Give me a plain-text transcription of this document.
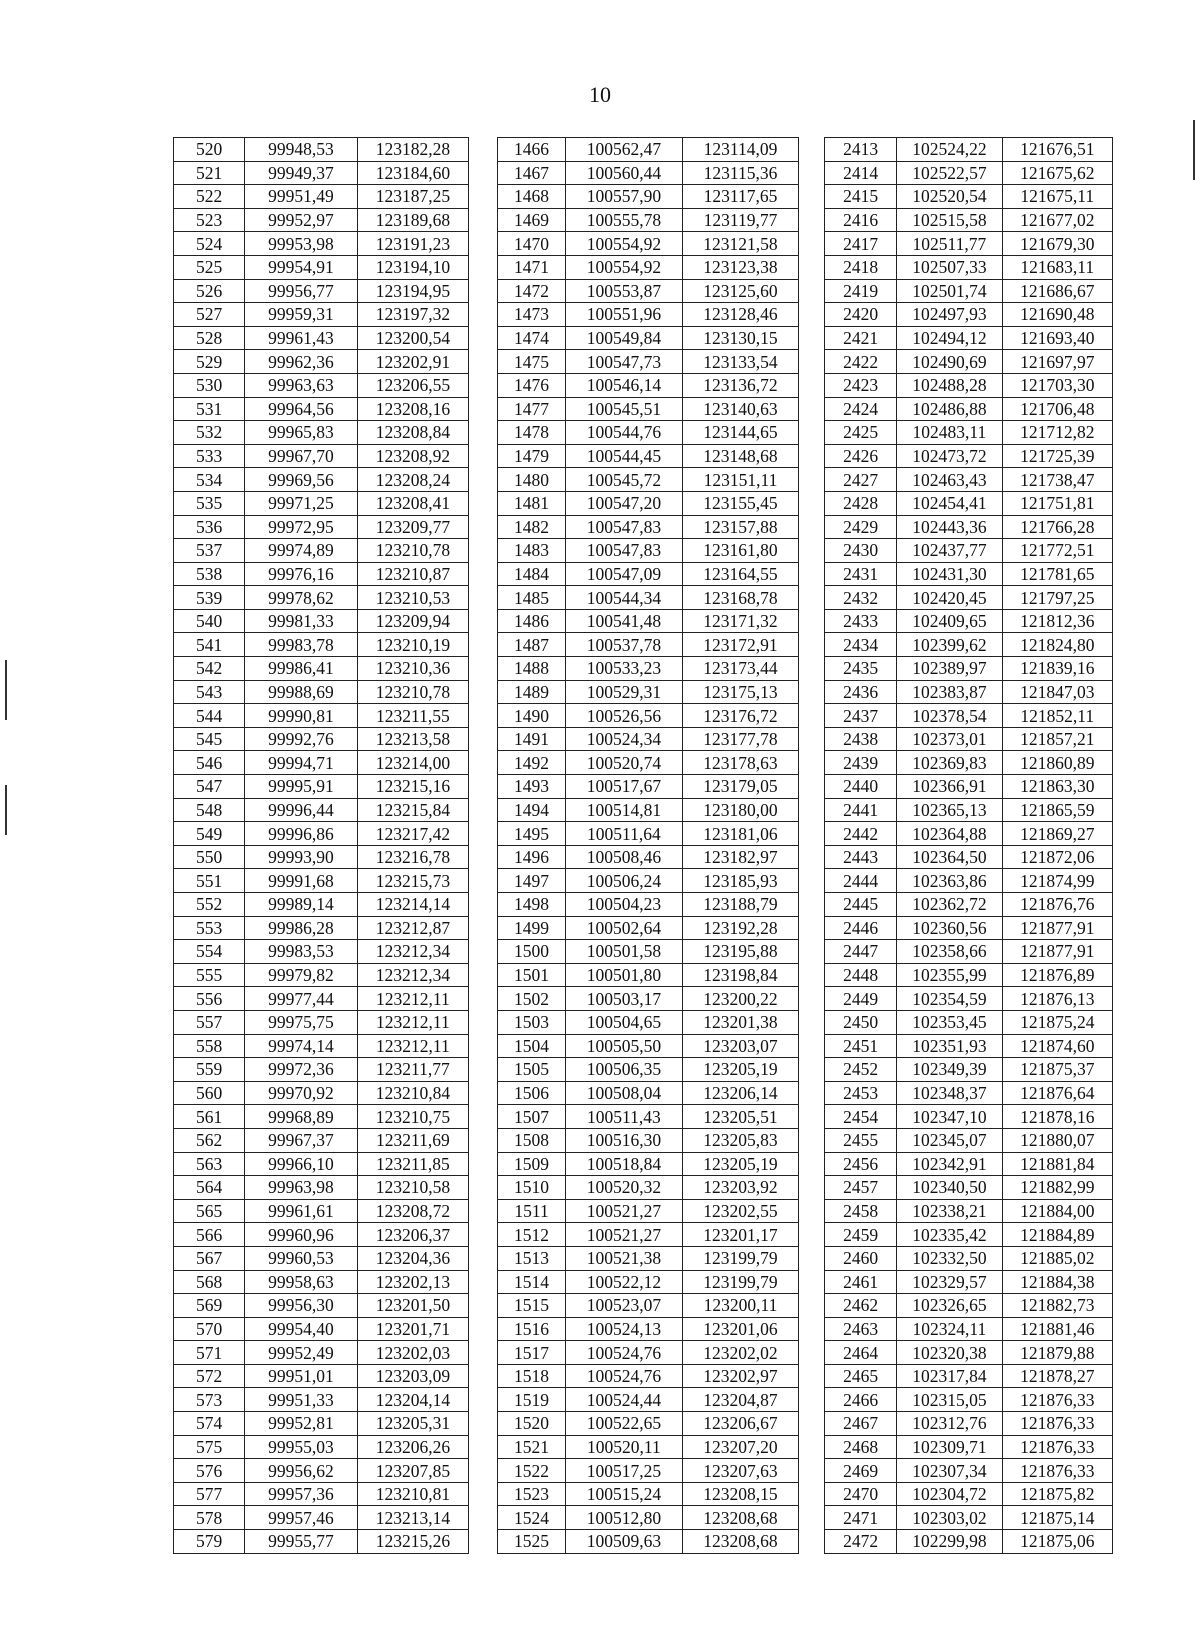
10
520	99948,53	123182,28		1466	100562,47	123114,09		2413	102524,22	121676,51
521	99949,37	123184,60		1467	100560,44	123115,36		2414	102522,57	121675,62
522	99951,49	123187,25		1468	100557,90	123117,65		2415	102520,54	121675,11
523	99952,97	123189,68		1469	100555,78	123119,77		2416	102515,58	121677,02
524	99953,98	123191,23		1470	100554,92	123121,58		2417	102511,77	121679,30
525	99954,91	123194,10		1471	100554,92	123123,38		2418	102507,33	121683,11
526	99956,77	123194,95		1472	100553,87	123125,60		2419	102501,74	121686,67
527	99959,31	123197,32		1473	100551,96	123128,46		2420	102497,93	121690,48
528	99961,43	123200,54		1474	100549,84	123130,15		2421	102494,12	121693,40
529	99962,36	123202,91		1475	100547,73	123133,54		2422	102490,69	121697,97
530	99963,63	123206,55		1476	100546,14	123136,72		2423	102488,28	121703,30
531	99964,56	123208,16		1477	100545,51	123140,63		2424	102486,88	121706,48
532	99965,83	123208,84		1478	100544,76	123144,65		2425	102483,11	121712,82
533	99967,70	123208,92		1479	100544,45	123148,68		2426	102473,72	121725,39
534	99969,56	123208,24		1480	100545,72	123151,11		2427	102463,43	121738,47
535	99971,25	123208,41		1481	100547,20	123155,45		2428	102454,41	121751,81
536	99972,95	123209,77		1482	100547,83	123157,88		2429	102443,36	121766,28
537	99974,89	123210,78		1483	100547,83	123161,80		2430	102437,77	121772,51
538	99976,16	123210,87		1484	100547,09	123164,55		2431	102431,30	121781,65
539	99978,62	123210,53		1485	100544,34	123168,78		2432	102420,45	121797,25
540	99981,33	123209,94		1486	100541,48	123171,32		2433	102409,65	121812,36
541	99983,78	123210,19		1487	100537,78	123172,91		2434	102399,62	121824,80
542	99986,41	123210,36		1488	100533,23	123173,44		2435	102389,97	121839,16
543	99988,69	123210,78		1489	100529,31	123175,13		2436	102383,87	121847,03
544	99990,81	123211,55		1490	100526,56	123176,72		2437	102378,54	121852,11
545	99992,76	123213,58		1491	100524,34	123177,78		2438	102373,01	121857,21
546	99994,71	123214,00		1492	100520,74	123178,63		2439	102369,83	121860,89
547	99995,91	123215,16		1493	100517,67	123179,05		2440	102366,91	121863,30
548	99996,44	123215,84		1494	100514,81	123180,00		2441	102365,13	121865,59
549	99996,86	123217,42		1495	100511,64	123181,06		2442	102364,88	121869,27
550	99993,90	123216,78		1496	100508,46	123182,97		2443	102364,50	121872,06
551	99991,68	123215,73		1497	100506,24	123185,93		2444	102363,86	121874,99
552	99989,14	123214,14		1498	100504,23	123188,79		2445	102362,72	121876,76
553	99986,28	123212,87		1499	100502,64	123192,28		2446	102360,56	121877,91
554	99983,53	123212,34		1500	100501,58	123195,88		2447	102358,66	121877,91
555	99979,82	123212,34		1501	100501,80	123198,84		2448	102355,99	121876,89
556	99977,44	123212,11		1502	100503,17	123200,22		2449	102354,59	121876,13
557	99975,75	123212,11		1503	100504,65	123201,38		2450	102353,45	121875,24
558	99974,14	123212,11		1504	100505,50	123203,07		2451	102351,93	121874,60
559	99972,36	123211,77		1505	100506,35	123205,19		2452	102349,39	121875,37
560	99970,92	123210,84		1506	100508,04	123206,14		2453	102348,37	121876,64
561	99968,89	123210,75		1507	100511,43	123205,51		2454	102347,10	121878,16
562	99967,37	123211,69		1508	100516,30	123205,83		2455	102345,07	121880,07
563	99966,10	123211,85		1509	100518,84	123205,19		2456	102342,91	121881,84
564	99963,98	123210,58		1510	100520,32	123203,92		2457	102340,50	121882,99
565	99961,61	123208,72		1511	100521,27	123202,55		2458	102338,21	121884,00
566	99960,96	123206,37		1512	100521,27	123201,17		2459	102335,42	121884,89
567	99960,53	123204,36		1513	100521,38	123199,79		2460	102332,50	121885,02
568	99958,63	123202,13		1514	100522,12	123199,79		2461	102329,57	121884,38
569	99956,30	123201,50		1515	100523,07	123200,11		2462	102326,65	121882,73
570	99954,40	123201,71		1516	100524,13	123201,06		2463	102324,11	121881,46
571	99952,49	123202,03		1517	100524,76	123202,02		2464	102320,38	121879,88
572	99951,01	123203,09		1518	100524,76	123202,97		2465	102317,84	121878,27
573	99951,33	123204,14		1519	100524,44	123204,87		2466	102315,05	121876,33
574	99952,81	123205,31		1520	100522,65	123206,67		2467	102312,76	121876,33
575	99955,03	123206,26		1521	100520,11	123207,20		2468	102309,71	121876,33
576	99956,62	123207,85		1522	100517,25	123207,63		2469	102307,34	121876,33
577	99957,36	123210,81		1523	100515,24	123208,15		2470	102304,72	121875,82
578	99957,46	123213,14		1524	100512,80	123208,68		2471	102303,02	121875,14
579	99955,77	123215,26		1525	100509,63	123208,68		2472	102299,98	121875,06
